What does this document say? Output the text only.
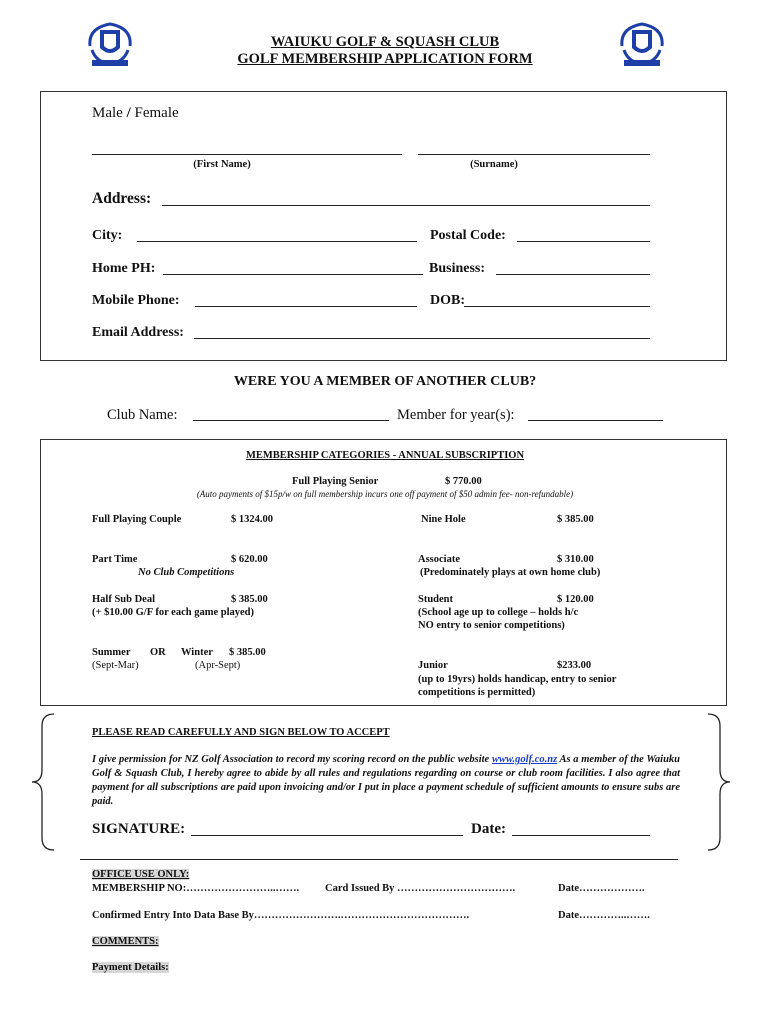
WAIUKU GOLF & SQUASH CLUB
GOLF MEMBERSHIP APPLICATION FORM
Male / Female
(First Name)	(Surname)
Address:
City:	Postal Code:
Home PH:	Business:
Mobile Phone:	DOB:
Email Address:
WERE YOU A MEMBER OF ANOTHER CLUB?
Club Name:	Member for year(s):
MEMBERSHIP CATEGORIES - ANNUAL SUBSCRIPTION
Full Playing Senior	$ 770.00
(Auto payments of $15p/w on full membership incurs one off payment of $50 admin fee- non-refundable)
Full Playing Couple	$ 1324.00	Nine Hole	$ 385.00
Part Time	$ 620.00
No Club Competitions
Associate	$ 310.00
(Predominately plays at own home club)
Half Sub Deal	$ 385.00
(+ $10.00 G/F for each game played)
Student	$ 120.00
(School age up to college – holds h/c
NO entry to senior competitions)
Summer OR Winter $ 385.00
(Sept-Mar)	(Apr-Sept)	Junior	$233.00
(up to 19yrs) holds handicap, entry to senior
competitions is permitted)
PLEASE READ CAREFULLY AND SIGN BELOW TO ACCEPT
I give permission for NZ Golf Association to record my scoring record on the public website www.golf.co.nz As a member of the Waiuku Golf & Squash Club, I hereby agree to abide by all rules and regulations regarding on course or club room facilities. I also agree that payment for all subscriptions are paid upon invoicing and/or I put in place a payment schedule of sufficient amounts to ensure subs are paid.
SIGNATURE:	Date:
OFFICE USE ONLY:
MEMBERSHIP NO:……………………..……. Card Issued By …………………………….	Date……………….
Confirmed Entry Into Data Base By…………………….……………………………….	Date…………..…….
COMMENTS:
Payment Details:
